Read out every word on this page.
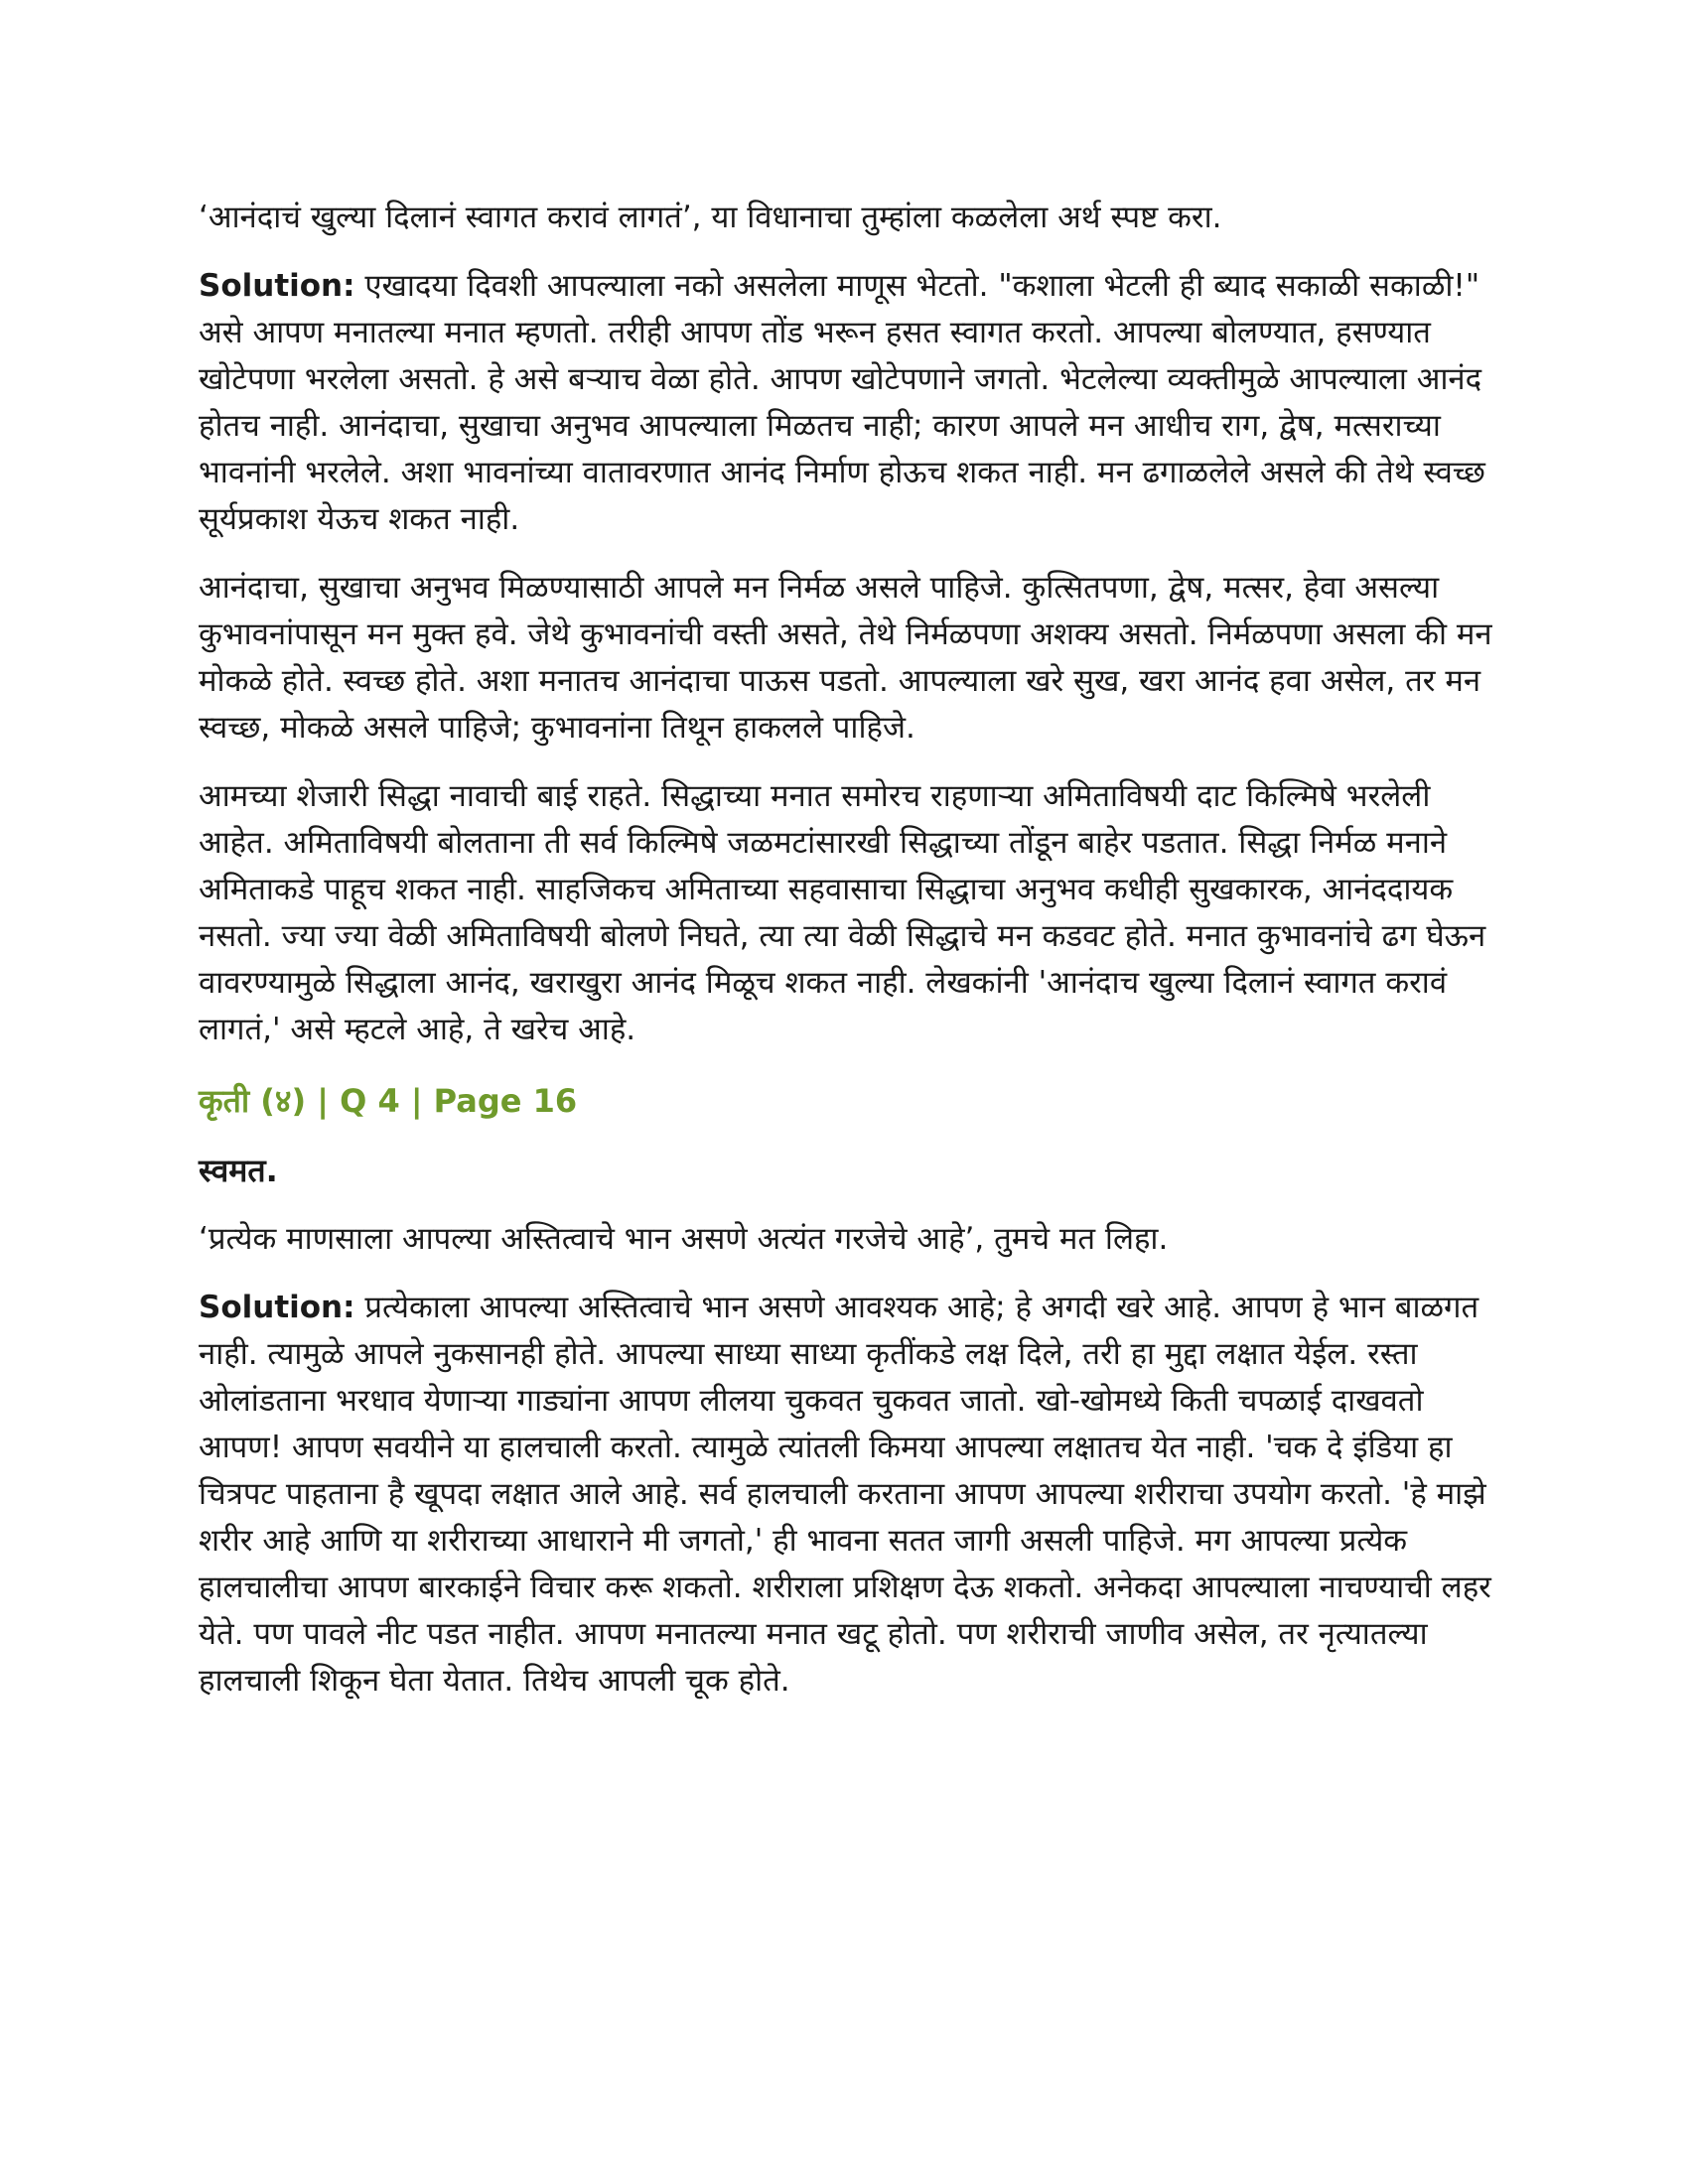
‘आनंदाचं खुल्या दिलानं स्वागत करावं लागतं’, या विधानाचा तुम्हांला कळलेला अर्थ स्पष्ट करा.

Solution: एखादया दिवशी आपल्याला नको असलेला माणूस भेटतो. "कशाला भेटली ही ब्याद सकाळी सकाळी!" असे आपण मनातल्या मनात म्हणतो. तरीही आपण तोंड भरून हसत स्वागत करतो. आपल्या बोलण्यात, हसण्यात खोटेपणा भरलेला असतो. हे असे बऱ्याच वेळा होते. आपण खोटेपणाने जगतो. भेटलेल्या व्यक्तीमुळे आपल्याला आनंद होतच नाही. आनंदाचा, सुखाचा अनुभव आपल्याला मिळतच नाही; कारण आपले मन आधीच राग, द्वेष, मत्सराच्या भावनांनी भरलेले. अशा भावनांच्या वातावरणात आनंद निर्माण होऊच शकत नाही. मन ढगाळलेले असले की तेथे स्वच्छ सूर्यप्रकाश येऊच शकत नाही.

आनंदाचा, सुखाचा अनुभव मिळण्यासाठी आपले मन निर्मळ असले पाहिजे. कुत्सितपणा, द्वेष, मत्सर, हेवा असल्या कुभावनांपासून मन मुक्त हवे. जेथे कुभावनांची वस्ती असते, तेथे निर्मळपणा अशक्य असतो. निर्मळपणा असला की मन मोकळे होते. स्वच्छ होते. अशा मनातच आनंदाचा पाऊस पडतो. आपल्याला खरे सुख, खरा आनंद हवा असेल, तर मन स्वच्छ, मोकळे असले पाहिजे; कुभावनांना तिथून हाकलले पाहिजे.

आमच्या शेजारी सिद्धा नावाची बाई राहते. सिद्धाच्या मनात समोरच राहणाऱ्या अमिताविषयी दाट किल्मिषे भरलेली आहेत. अमिताविषयी बोलताना ती सर्व किल्मिषे जळमटांसारखी सिद्धाच्या तोंडून बाहेर पडतात. सिद्धा निर्मळ मनाने अमिताकडे पाहूच शकत नाही. साहजिकच अमिताच्या सहवासाचा सिद्धाचा अनुभव कधीही सुखकारक, आनंददायक नसतो. ज्या ज्या वेळी अमिताविषयी बोलणे निघते, त्या त्या वेळी सिद्धाचे मन कडवट होते. मनात कुभावनांचे ढग घेऊन वावरण्यामुळे सिद्धाला आनंद, खराखुरा आनंद मिळूच शकत नाही. लेखकांनी 'आनंदाच खुल्या दिलानं स्वागत करावं लागतं,' असे म्हटले आहे, ते खरेच आहे.

कृती (४) | Q 4 | Page 16
स्वमत.

‘प्रत्येक माणसाला आपल्या अस्तित्वाचे भान असणे अत्यंत गरजेचे आहे’, तुमचे मत लिहा.

Solution: प्रत्येकाला आपल्या अस्तित्वाचे भान असणे आवश्यक आहे; हे अगदी खरे आहे. आपण हे भान बाळगत नाही. त्यामुळे आपले नुकसानही होते. आपल्या साध्या साध्या कृतींकडे लक्ष दिले, तरी हा मुद्दा लक्षात येईल. रस्ता ओलांडताना भरधाव येणाऱ्या गाड्यांना आपण लीलया चुकवत चुकवत जातो. खो-खोमध्ये किती चपळाई दाखवतो आपण! आपण सवयीने या हालचाली करतो. त्यामुळे त्यांतली किमया आपल्या लक्षातच येत नाही. 'चक दे इंडिया हा चित्रपट पाहताना है खूपदा लक्षात आले आहे. सर्व हालचाली करताना आपण आपल्या शरीराचा उपयोग करतो. 'हे माझे शरीर आहे आणि या शरीराच्या आधाराने मी जगतो,' ही भावना सतत जागी असली पाहिजे. मग आपल्या प्रत्येक हालचालीचा आपण बारकाईने विचार करू शकतो. शरीराला प्रशिक्षण देऊ शकतो. अनेकदा आपल्याला नाचण्याची लहर येते. पण पावले नीट पडत नाहीत. आपण मनातल्या मनात खटू होतो. पण शरीराची जाणीव असेल, तर नृत्यातल्या हालचाली शिकून घेता येतात. तिथेच आपली चूक होते.
